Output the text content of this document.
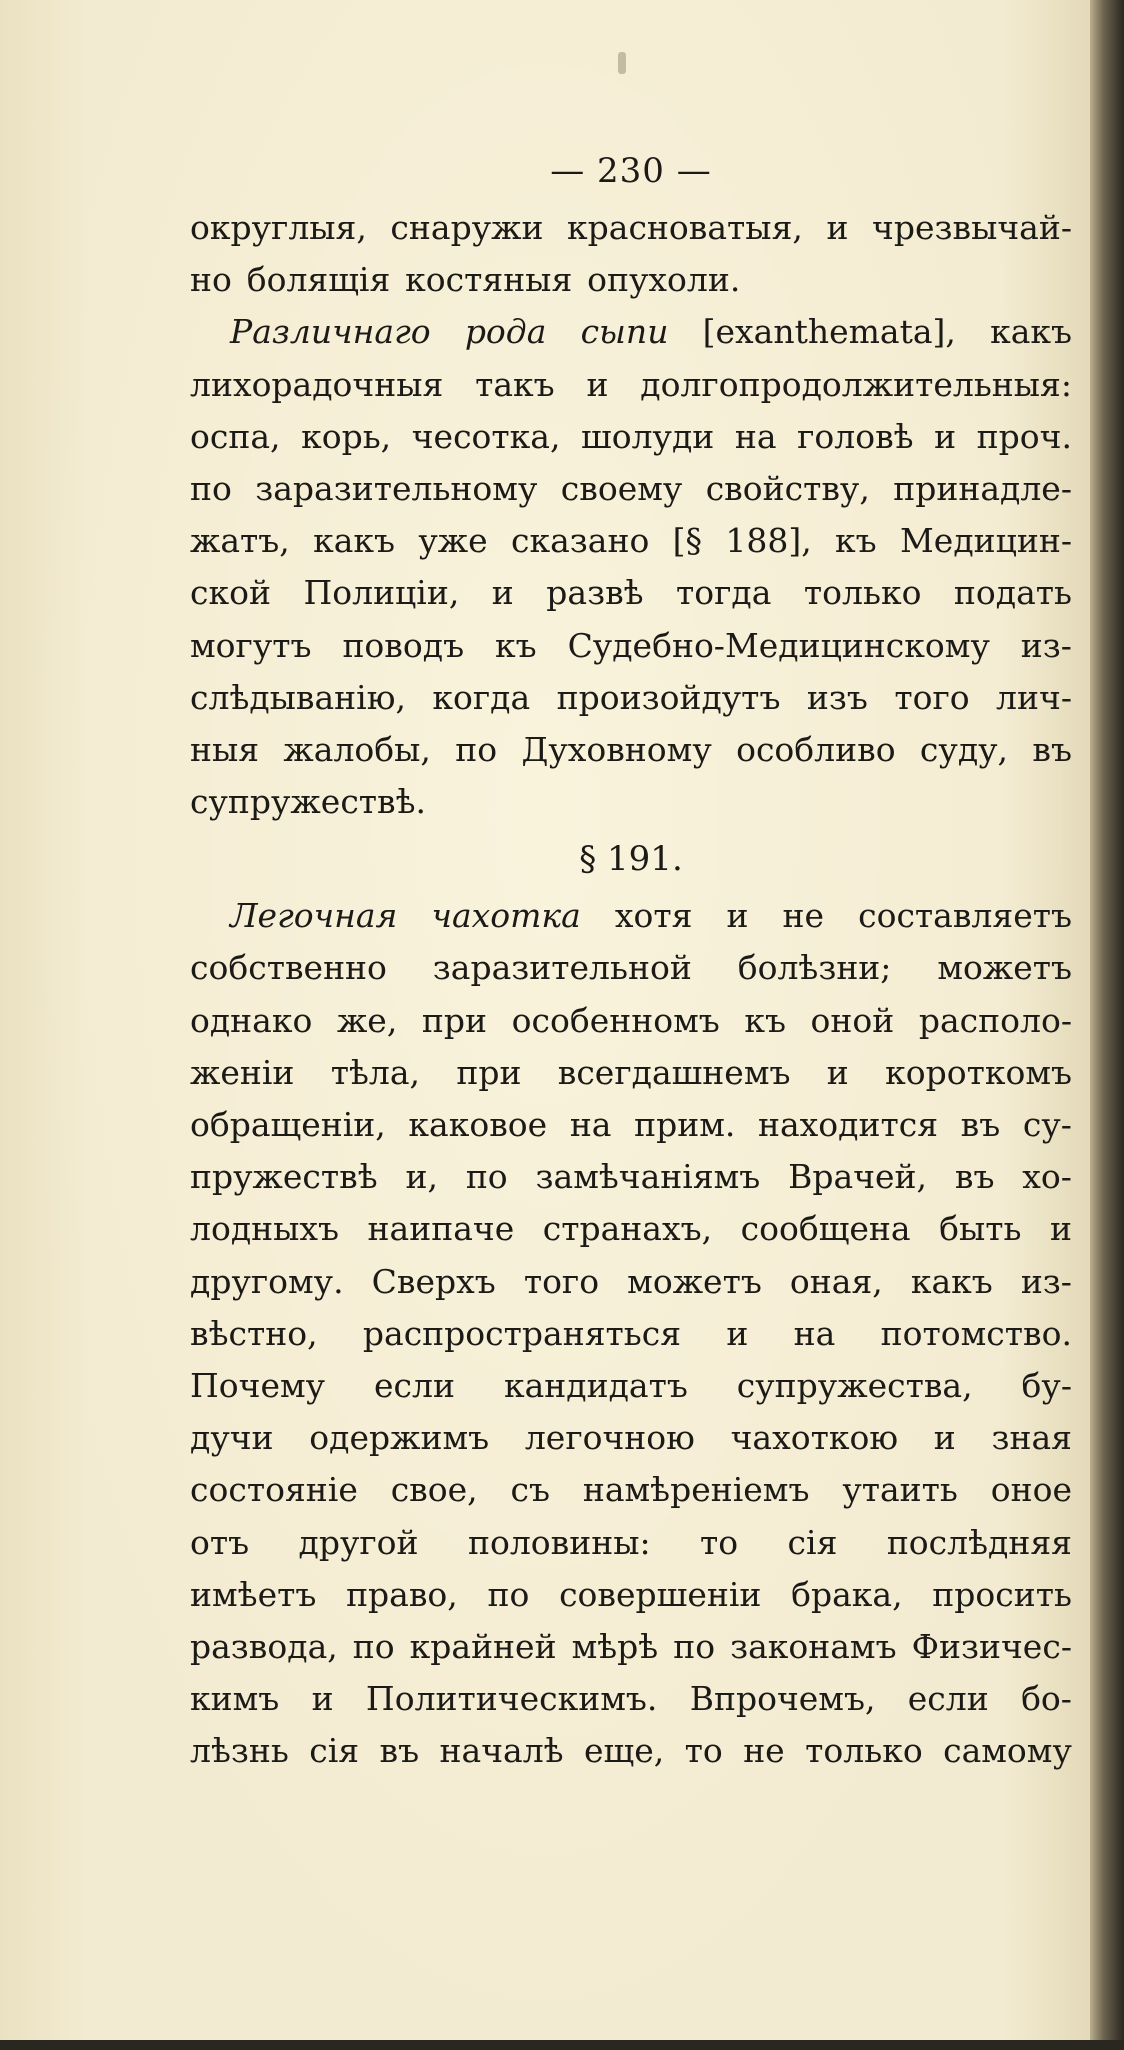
— 230 —
округлыя, снаружи красноватыя, и чрезвычай-
но болящія костяныя опухоли.
Различнаго рода сыпи [exanthemata], какъ
лихорадочныя такъ и долгопродолжительныя:
оспа, корь, чесотка, шолуди на головѣ и проч.
по заразительному своему свойству, принадле-
жатъ, какъ уже сказано [§ 188], къ Медицин-
ской Полиціи, и развѣ тогда только подать
могутъ поводъ къ Судебно-Медицинскому из-
слѣдыванію, когда произойдутъ изъ того лич-
ныя жалобы, по Духовному особливо суду, въ
супружествѣ.
§ 191.
Легочная чахотка хотя и не составляетъ
собственно заразительной болѣзни; можетъ
однако же, при особенномъ къ оной располо-
женіи тѣла, при всегдашнемъ и короткомъ
обращеніи, каковое на прим. находится въ су-
пружествѣ и, по замѣчаніямъ Врачей, въ хо-
лодныхъ наипаче странахъ, сообщена быть и
другому. Сверхъ того можетъ оная, какъ из-
вѣстно, распространяться и на потомство.
Почему если кандидатъ супружества, бу-
дучи одержимъ легочною чахоткою и зная
состояніе свое, съ намѣреніемъ утаить оное
отъ другой половины: то сія послѣдняя
имѣетъ право, по совершеніи брака, просить
развода, по крайней мѣрѣ по законамъ Физичес-
кимъ и Политическимъ. Впрочемъ, если бо-
лѣзнь сія въ началѣ еще, то не только самому
